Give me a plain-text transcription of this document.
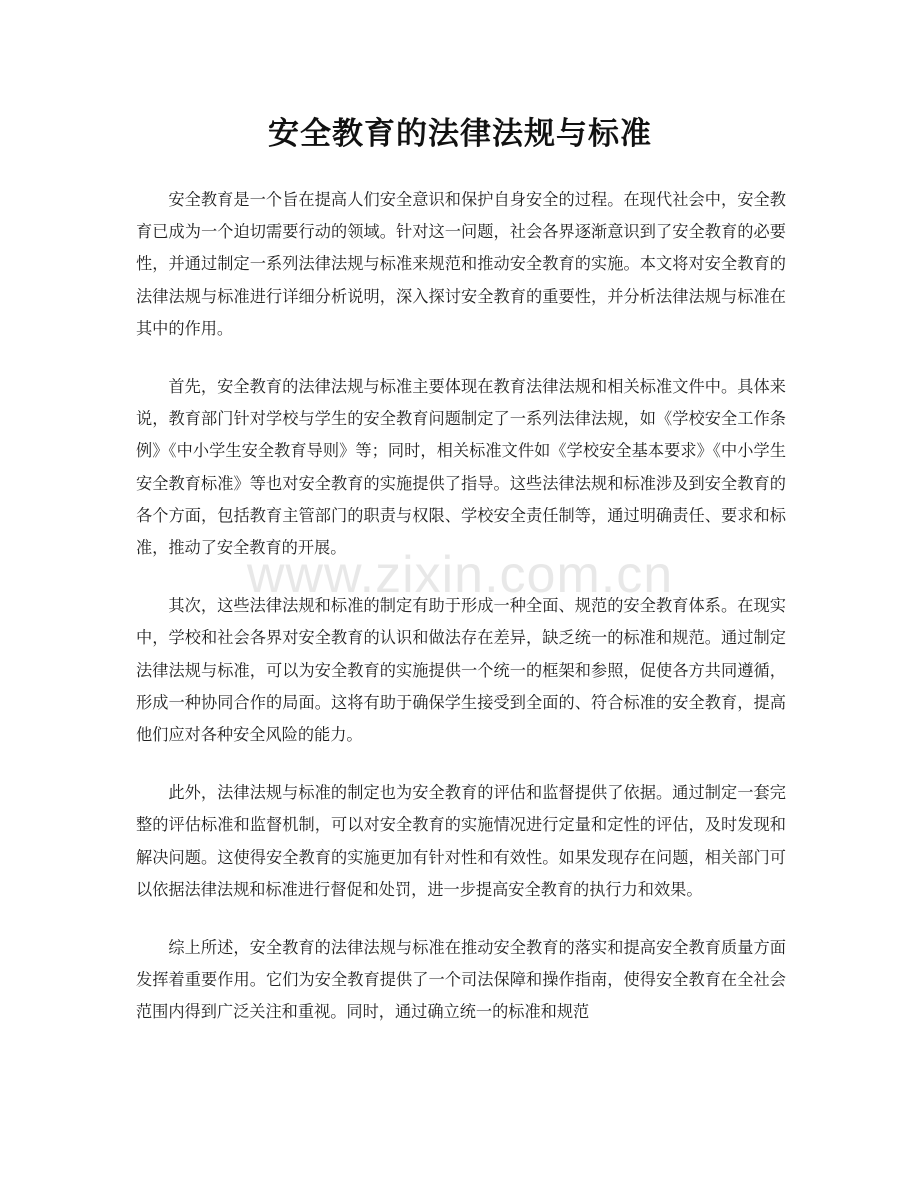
安全教育的法律法规与标准

安全教育是一个旨在提高人们安全意识和保护自身安全的过程。在现代社会中，安全教育已成为一个迫切需要行动的领域。针对这一问题，社会各界逐渐意识到了安全教育的必要性，并通过制定一系列法律法规与标准来规范和推动安全教育的实施。本文将对安全教育的法律法规与标准进行详细分析说明，深入探讨安全教育的重要性，并分析法律法规与标准在其中的作用。

首先，安全教育的法律法规与标准主要体现在教育法律法规和相关标准文件中。具体来说，教育部门针对学校与学生的安全教育问题制定了一系列法律法规，如《学校安全工作条例》《中小学生安全教育导则》等；同时，相关标准文件如《学校安全基本要求》《中小学生安全教育标准》等也对安全教育的实施提供了指导。这些法律法规和标准涉及到安全教育的各个方面，包括教育主管部门的职责与权限、学校安全责任制等，通过明确责任、要求和标准，推动了安全教育的开展。

其次，这些法律法规和标准的制定有助于形成一种全面、规范的安全教育体系。在现实中，学校和社会各界对安全教育的认识和做法存在差异，缺乏统一的标准和规范。通过制定法律法规与标准，可以为安全教育的实施提供一个统一的框架和参照，促使各方共同遵循，形成一种协同合作的局面。这将有助于确保学生接受到全面的、符合标准的安全教育，提高他们应对各种安全风险的能力。

此外，法律法规与标准的制定也为安全教育的评估和监督提供了依据。通过制定一套完整的评估标准和监督机制，可以对安全教育的实施情况进行定量和定性的评估，及时发现和解决问题。这使得安全教育的实施更加有针对性和有效性。如果发现存在问题，相关部门可以依据法律法规和标准进行督促和处罚，进一步提高安全教育的执行力和效果。

综上所述，安全教育的法律法规与标准在推动安全教育的落实和提高安全教育质量方面发挥着重要作用。它们为安全教育提供了一个司法保障和操作指南，使得安全教育在全社会范围内得到广泛关注和重视。同时，通过确立统一的标准和规范

www.zixin.com.cn
